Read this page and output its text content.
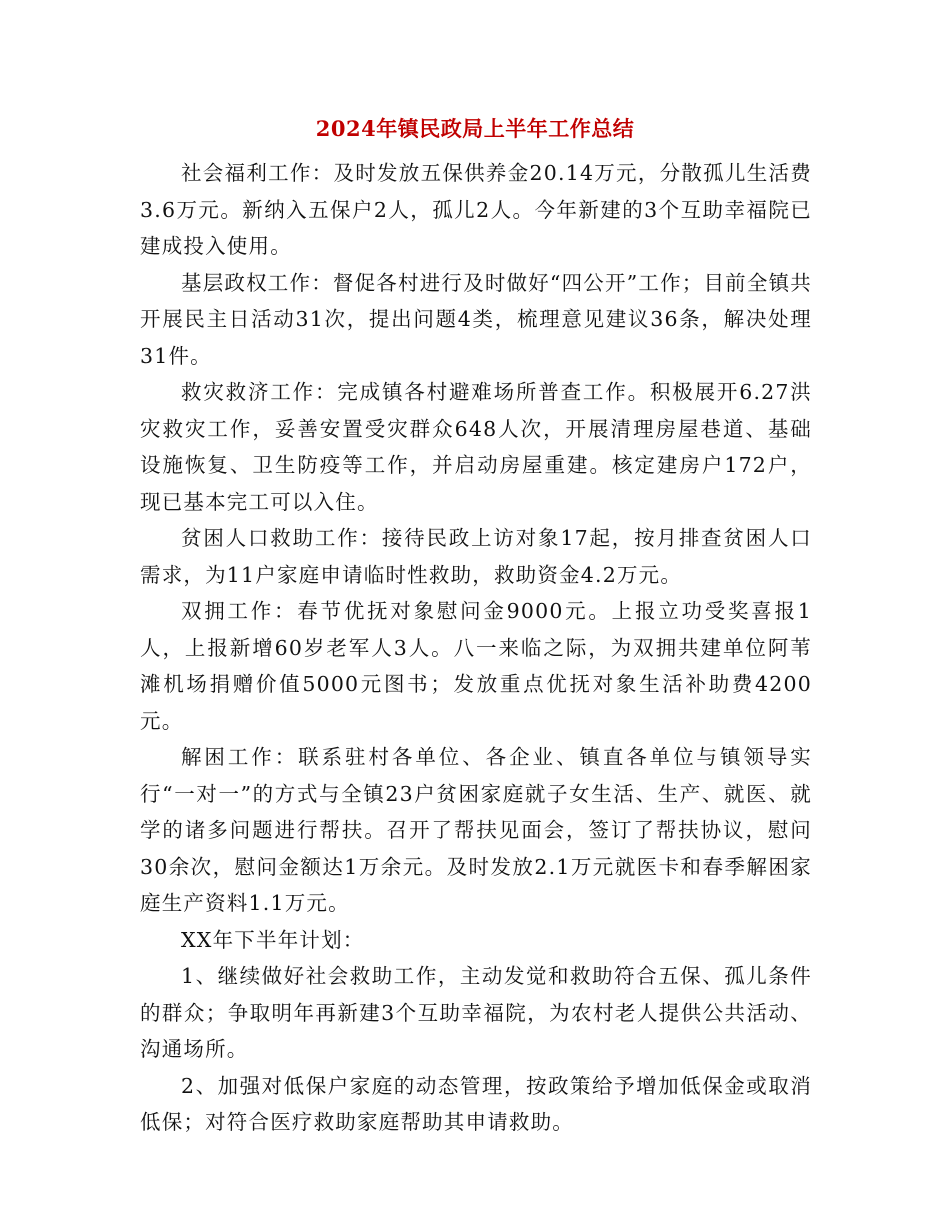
2024年镇民政局上半年工作总结

社会福利工作：及时发放五保供养金20.14万元，分散孤儿生活费3.6万元。新纳入五保户2人，孤儿2人。今年新建的3个互助幸福院已建成投入使用。

基层政权工作：督促各村进行及时做好“四公开”工作；目前全镇共开展民主日活动31次，提出问题4类，梳理意见建议36条，解决处理31件。

救灾救济工作：完成镇各村避难场所普查工作。积极展开6.27洪灾救灾工作，妥善安置受灾群众648人次，开展清理房屋巷道、基础设施恢复、卫生防疫等工作，并启动房屋重建。核定建房户172户，现已基本完工可以入住。

贫困人口救助工作：接待民政上访对象17起，按月排查贫困人口需求，为11户家庭申请临时性救助，救助资金4.2万元。

双拥工作：春节优抚对象慰问金9000元。上报立功受奖喜报1人，上报新增60岁老军人3人。八一来临之际，为双拥共建单位阿苇滩机场捐赠价值5000元图书；发放重点优抚对象生活补助费4200元。

解困工作：联系驻村各单位、各企业、镇直各单位与镇领导实行“一对一”的方式与全镇23户贫困家庭就子女生活、生产、就医、就学的诸多问题进行帮扶。召开了帮扶见面会，签订了帮扶协议，慰问30余次，慰问金额达1万余元。及时发放2.1万元就医卡和春季解困家庭生产资料1.1万元。

XX年下半年计划：

1、继续做好社会救助工作，主动发觉和救助符合五保、孤儿条件的群众；争取明年再新建3个互助幸福院，为农村老人提供公共活动、沟通场所。

2、加强对低保户家庭的动态管理，按政策给予增加低保金或取消低保；对符合医疗救助家庭帮助其申请救助。
